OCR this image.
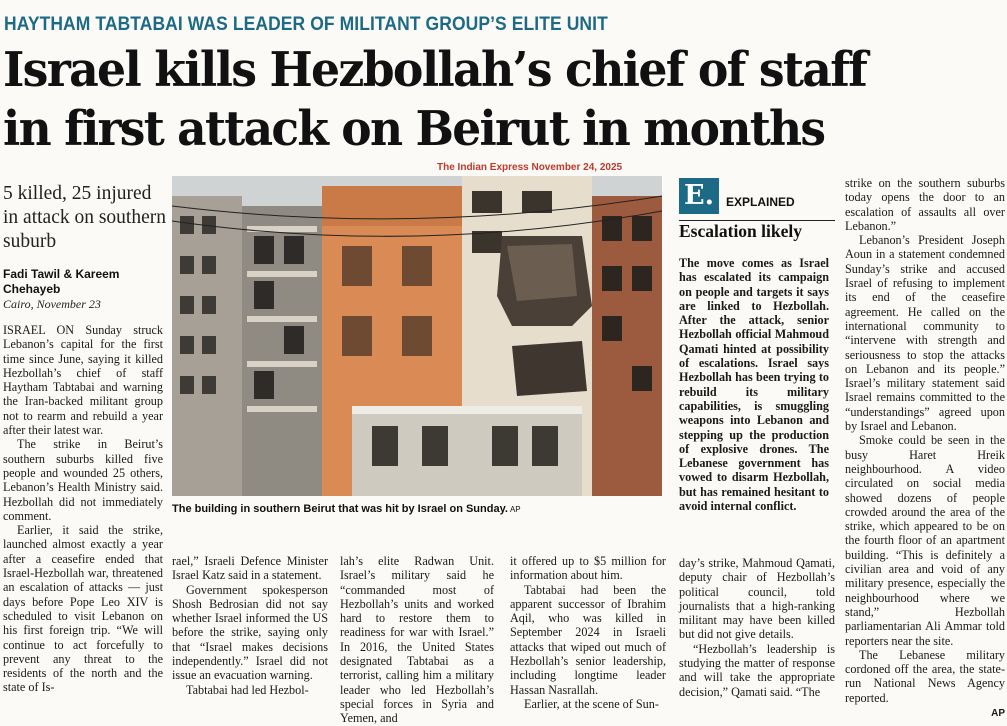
HAYTHAM TABTABAI WAS LEADER OF MILITANT GROUP’S ELITE UNIT
Israel kills Hezbollah’s chief of staff
in first attack on Beirut in months
The Indian Express November 24, 2025
5 killed, 25 injured in attack on southern suburb
Fadi Tawil & Kareem Chehayeb
Cairo, November 23
The building in southern Beirut that was hit by Israel on Sunday. AP
E.	EXPLAINED
Escalation likely
The move comes as Israel has escalated its campaign on people and targets it says are linked to Hezbollah. After the attack, senior Hezbollah official Mahmoud Qamati hinted at possibility of escalations. Israel says Hezbollah has been trying to rebuild its military capabilities, is smuggling weapons into Lebanon and stepping up the production of explosive drones. The Lebanese government has vowed to disarm Hezbollah, but has remained hesitant to avoid internal conflict.

ISRAEL ON Sunday struck Lebanon’s capital for the first time since June, saying it killed Hezbollah’s chief of staff Haytham Tabtabai and warning the Iran-backed militant group not to rearm and rebuild a year after their latest war.

The strike in Beirut’s southern suburbs killed five people and wounded 25 others, Lebanon’s Health Ministry said. Hezbollah did not immediately comment.

Earlier, it said the strike, launched almost exactly a year after a ceasefire ended that Israel-Hezbollah war, threatened an escalation of attacks — just days before Pope Leo XIV is scheduled to visit Lebanon on his first foreign trip. “We will continue to act forcefully to prevent any threat to the residents of the north and the state of Is-

rael,” Israeli Defence Minister Israel Katz said in a statement.

Government spokesperson Shosh Bedrosian did not say whether Israel informed the US before the strike, saying only that “Israel makes decisions independently.” Israel did not issue an evacuation warning.

Tabtabai had led Hezbol-

lah’s elite Radwan Unit. Israel’s military said he “commanded most of Hezbollah’s units and worked hard to restore them to readiness for war with Israel.” In 2016, the United States designated Tabtabai as a terrorist, calling him a military leader who led Hezbollah’s special forces in Syria and Yemen, and

it offered up to $5 million for information about him.

Tabtabai had been the apparent successor of Ibrahim Aqil, who was killed in September 2024 in Israeli attacks that wiped out much of Hezbollah’s senior leadership, including longtime leader Hassan Nasrallah.

Earlier, at the scene of Sun-

day’s strike, Mahmoud Qamati, deputy chair of Hezbollah’s political council, told journalists that a high-ranking militant may have been killed but did not give details.

“Hezbollah’s leadership is studying the matter of response and will take the appropriate decision,” Qamati said. “The

strike on the southern suburbs today opens the door to an escalation of assaults all over Lebanon.”

Lebanon’s President Joseph Aoun in a statement condemned Sunday’s strike and accused Israel of refusing to implement its end of the ceasefire agreement. He called on the international community to “intervene with strength and seriousness to stop the attacks on Lebanon and its people.” Israel’s military statement said Israel remains committed to the “understandings” agreed upon by Israel and Lebanon.

Smoke could be seen in the busy Haret Hreik neighbourhood. A video circulated on social media showed dozens of people crowded around the area of the strike, which appeared to be on the fourth floor of an apartment building. “This is definitely a civilian area and void of any military presence, especially the neighbourhood where we stand,” Hezbollah parliamentarian Ali Ammar told reporters near the site.

The Lebanese military cordoned off the area, the state-run National News Agency reported.

AP
